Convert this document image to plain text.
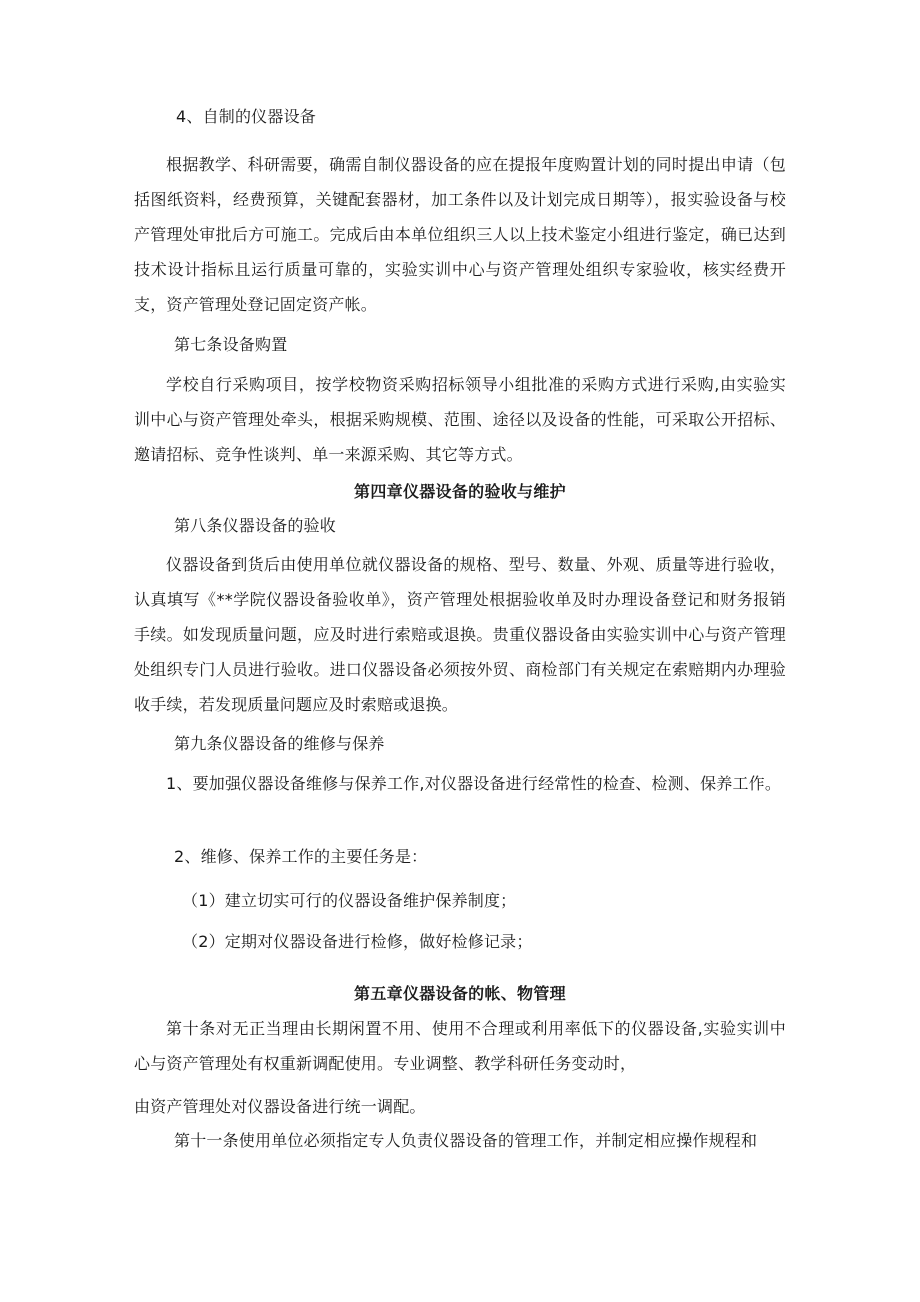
4、自制的仪器设备

根据教学、科研需要，确需自制仪器设备的应在提报年度购置计划的同时提出申请（包括图纸资料，经费预算，关键配套器材，加工条件以及计划完成日期等），报实验设备与校产管理处审批后方可施工。完成后由本单位组织三人以上技术鉴定小组进行鉴定，确已达到技术设计指标且运行质量可靠的，实验实训中心与资产管理处组织专家验收，核实经费开支，资产管理处登记固定资产帐。

第七条设备购置

学校自行采购项目，按学校物资采购招标领导小组批准的采购方式进行采购,由实验实训中心与资产管理处牵头，根据采购规模、范围、途径以及设备的性能，可采取公开招标、邀请招标、竞争性谈判、单一来源采购、其它等方式。

第四章仪器设备的验收与维护

第八条仪器设备的验收

仪器设备到货后由使用单位就仪器设备的规格、型号、数量、外观、质量等进行验收，认真填写《**学院仪器设备验收单》，资产管理处根据验收单及时办理设备登记和财务报销手续。如发现质量问题，应及时进行索赔或退换。贵重仪器设备由实验实训中心与资产管理处组织专门人员进行验收。进口仪器设备必须按外贸、商检部门有关规定在索赔期内办理验收手续，若发现质量问题应及时索赔或退换。

第九条仪器设备的维修与保养

1、要加强仪器设备维修与保养工作,对仪器设备进行经常性的检查、检测、保养工作。

2、维修、保养工作的主要任务是：

（1）建立切实可行的仪器设备维护保养制度；

（2）定期对仪器设备进行检修，做好检修记录；

第五章仪器设备的帐、物管理

第十条对无正当理由长期闲置不用、使用不合理或利用率低下的仪器设备,实验实训中心与资产管理处有权重新调配使用。专业调整、教学科研任务变动时，

由资产管理处对仪器设备进行统一调配。

第十一条使用单位必须指定专人负责仪器设备的管理工作，并制定相应操作规程和
